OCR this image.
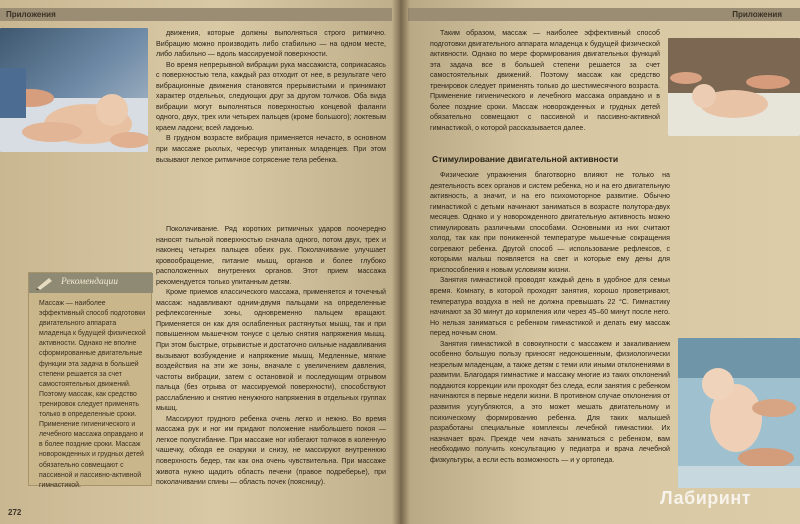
Приложения

движения, которые должны выполняться строго ритмично. Вибрацию можно производить либо стабильно — на одном месте, либо лабильно — вдоль массируемой поверхности.

Во время непрерывной вибрации рука массажиста, соприкасаясь с поверхностью тела, каждый раз отходит от нее, в результате чего вибрационные движения становятся прерывистыми и принимают характер отдельных, следующих друг за другом толчков. Оба вида вибрации могут выполняться поверхностью концевой фаланги одного, двух, трех или четырех пальцев (кроме большого); локтевым краем ладони; всей ладонью.

В грудном возрасте вибрация применяется нечасто, в основном при массаже рыхлых, чересчур упитанных младенцев. При этом вызывают легкое ритмичное сотрясение тела ребенка.

Рекомендации
Массаж — наиболее эффективный способ подготовки двигательного аппарата младенца к будущей физической активности. Однако не вполне сформированные двигательные функции эта задача в большей степени решается за счет самостоятельных движений. Поэтому массаж, как средство тренировок следует применять только в определенные сроки. Применение гигиенического и лечебного массажа оправдано и в более поздние сроки. Массаж новорожденных и грудных детей обязательно совмещают с пассивной и пассивно-активной гимнастикой.

Поколачивание. Ряд коротких ритмичных ударов поочередно наносят тыльной поверхностью сначала одного, потом двух, трех и наконец четырех пальцев обеих рук. Поколачивание улучшает кровообращение, питание мышц, органов и более глубоко расположенных внутренних органов. Этот прием массажа рекомендуется только упитанным детям.

Кроме приемов классического массажа, применяется и точечный массаж: надавливают одним-двумя пальцами на определенные рефлексогенные зоны, одновременно пальцем вращают. Применяется он как для ослабленных растянутых мышц, так и при повышенном мышечном тонусе с целью снятия напряжения мышц. При этом быстрые, отрывистые и достаточно сильные надавливания вызывают возбуждение и напряжение мышц. Медленные, мягкие воздействия на эти же зоны, вначале с увеличением давления, частоты вибрации, затем с остановкой и последующим отрывом пальца (без отрыва от массируемой поверхности), способствуют расслаблению и снятию ненужного напряжения в отдельных группах мышц.

Массируют грудного ребенка очень легко и нежно. Во время массажа рук и ног им придают положение наибольшего покоя — легкое полусгибание. При массаже ног избегают толчков в коленную чашечку, обходя ее снаружи и снизу, не массируют внутреннюю поверхность бедер, так как она очень чувствительна. При массаже живота нужно щадить область печени (правое подреберье), при поколачивании спины — область почек (поясницу).

272
Приложения

Таким образом, массаж — наиболее эффективный способ подготовки двигательного аппарата младенца к будущей физической активности. Однако по мере формирования двигательных функций эта задача все в большей степени решается за счет самостоятельных движений. Поэтому массаж как средство тренировок следует применять только до шестимесячного возраста. Применение гигиенического и лечебного массажа оправдано и в более поздние сроки. Массаж новорожденных и грудных детей обязательно совмещают с пассивной и пассивно-активной гимнастикой, о которой рассказывается далее.

Стимулирование двигательной активности

Физические упражнения благотворно влияют не только на деятельность всех органов и систем ребенка, но и на его двигательную активность, а значит, и на его психомоторное развитие. Обычно гимнастикой с детьми начинают заниматься в возрасте полутора-двух месяцев. Однако и у новорожденного двигательную активность можно стимулировать различными способами. Основными из них считают холод, так как при пониженной температуре мышечные сокращения согревают ребенка. Другой способ — использование рефлексов, с которыми малыш появляется на свет и которые ему дены для приспособления к новым условиям жизни.

Занятия гимнастикой проводят каждый день в удобное для семьи время. Комнату, в которой проходят занятия, хорошо проветривают, температура воздуха в ней не должна превышать 22 °С. Гимнастику начинают за 30 минут до кормления или через 45–60 минут после него. Но нельзя заниматься с ребенком гимнастикой и делать ему массаж перед ночным сном.

Занятия гимнастикой в совокупности с массажем и закаливанием особенно большую пользу приносят недоношенным, физиологически незрелым младенцам, а также детям с теми или иными отклонениями в развитии. Благодаря гимнастике и массажу многие из таких отклонений поддаются коррекции или проходят без следа, если занятия с ребенком начинаются в первые недели жизни. В противном случае отклонения от развития усугубляются, а это может мешать двигательному и психическому формированию ребенка. Для таких малышей разработаны специальные комплексы лечебной гимнастики. Их назначает врач. Прежде чем начать заниматься с ребенком, вам необходимо получить консультацию у педиатра и врача лечебной физкультуры, а если есть возможность — и у ортопеда.

Лабиринт
